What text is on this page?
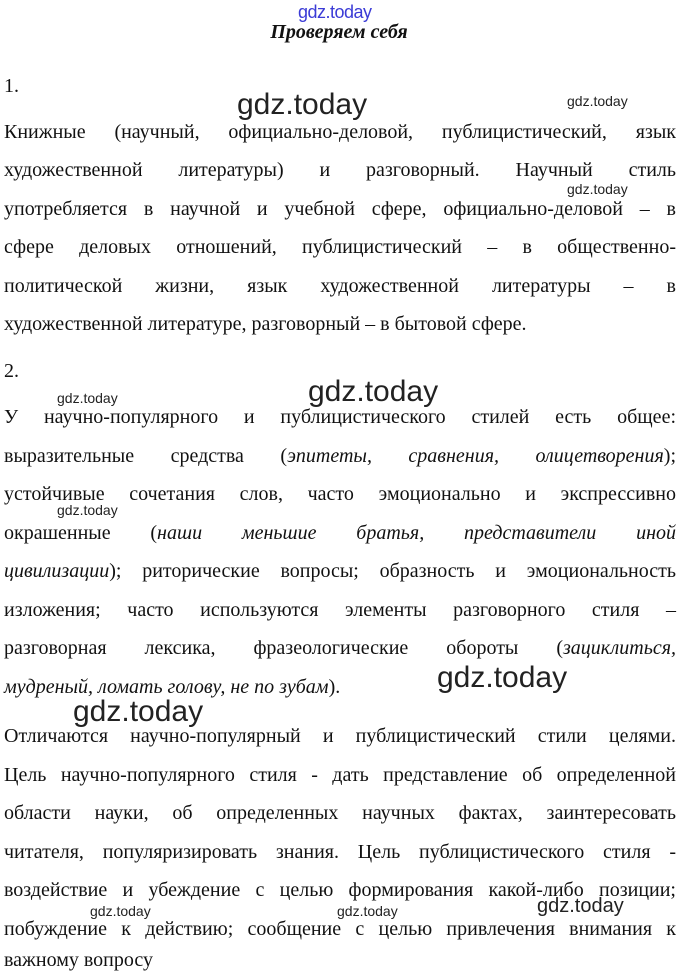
gdz.today
Проверяем себя
1.
Книжные (научный, официально-деловой, публицистический, язык
художественной литературы) и разговорный. Научный стиль
употребляется в научной и учебной сфере, официально-деловой – в
сфере деловых отношений, публицистический – в общественно-
политической жизни, язык художественной литературы – в
художественной литературе, разговорный – в бытовой сфере.
2.
У научно-популярного и публицистического стилей есть общее:
выразительные средства (эпитеты, сравнения, олицетворения);
устойчивые сочетания слов, часто эмоционально и экспрессивно
окрашенные (наши меньшие братья, представители иной
цивилизации); риторические вопросы; образность и эмоциональность
изложения; часто используются элементы разговорного стиля –
разговорная лексика, фразеологические обороты (зациклиться,
мудреный, ломать голову, не по зубам).
Отличаются научно-популярный и публицистический стили целями.
Цель научно-популярного стиля - дать представление об определенной
области науки, об определенных научных фактах, заинтересовать
читателя, популяризировать знания. Цель публицистического стиля -
воздействие и убеждение с целью формирования какой-либо позиции;
побуждение к действию; сообщение с целью привлечения внимания к
важному вопросу
gdz.today	gdz.today
gdz.today
gdz.today
gdz.today
gdz.today
gdz.today
gdz.today
gdz.today	gdz.today	gdz.today
